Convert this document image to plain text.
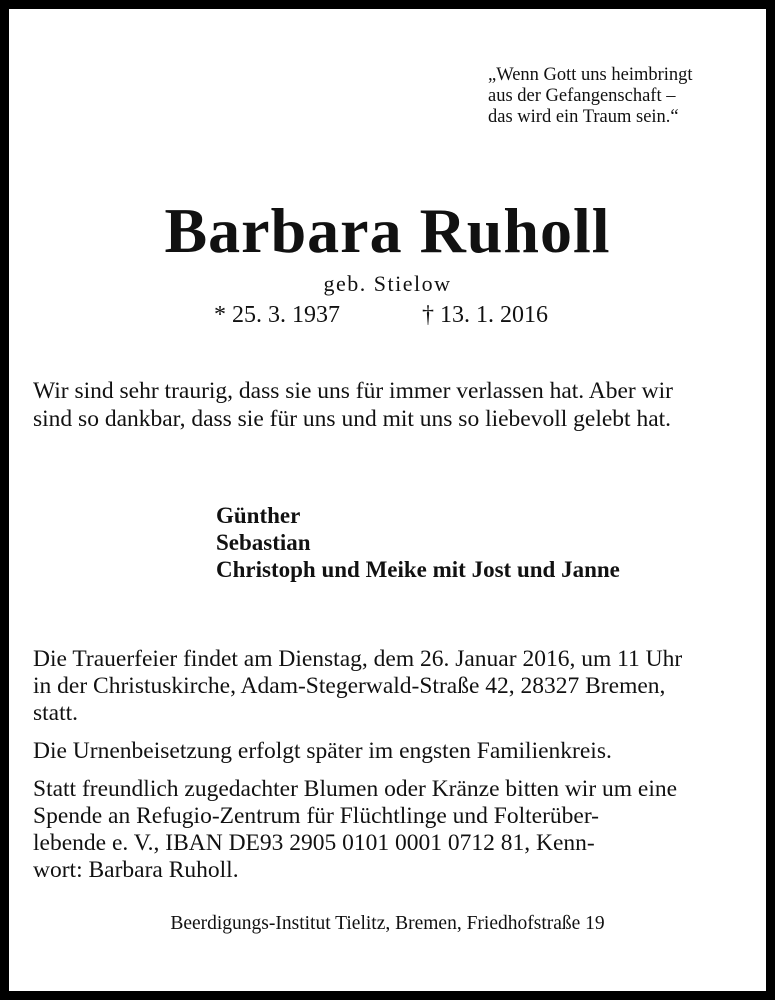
„Wenn Gott uns heimbringt
aus der Gefangenschaft –
das wird ein Traum sein.“
Barbara Ruholl
geb. Stielow
* 25. 3. 1937	† 13. 1. 2016
Wir sind sehr traurig, dass sie uns für immer verlassen hat. Aber wir
sind so dankbar, dass sie für uns und mit uns so liebevoll gelebt hat.
Günther
Sebastian
Christoph und Meike mit Jost und Janne

Die Trauerfeier findet am Dienstag, dem 26. Januar 2016, um 11 Uhr
in der Christuskirche, Adam-Stegerwald-Straße 42, 28327 Bremen,
statt.

Die Urnenbeisetzung erfolgt später im engsten Familienkreis.

Statt freundlich zugedachter Blumen oder Kränze bitten wir um eine
Spende an Refugio-Zentrum für Flüchtlinge und Folterüber-
lebende e. V., IBAN DE93 2905 0101 0001 0712 81, Kenn-
wort: Barbara Ruholl.

Beerdigungs-Institut Tielitz, Bremen, Friedhofstraße 19
